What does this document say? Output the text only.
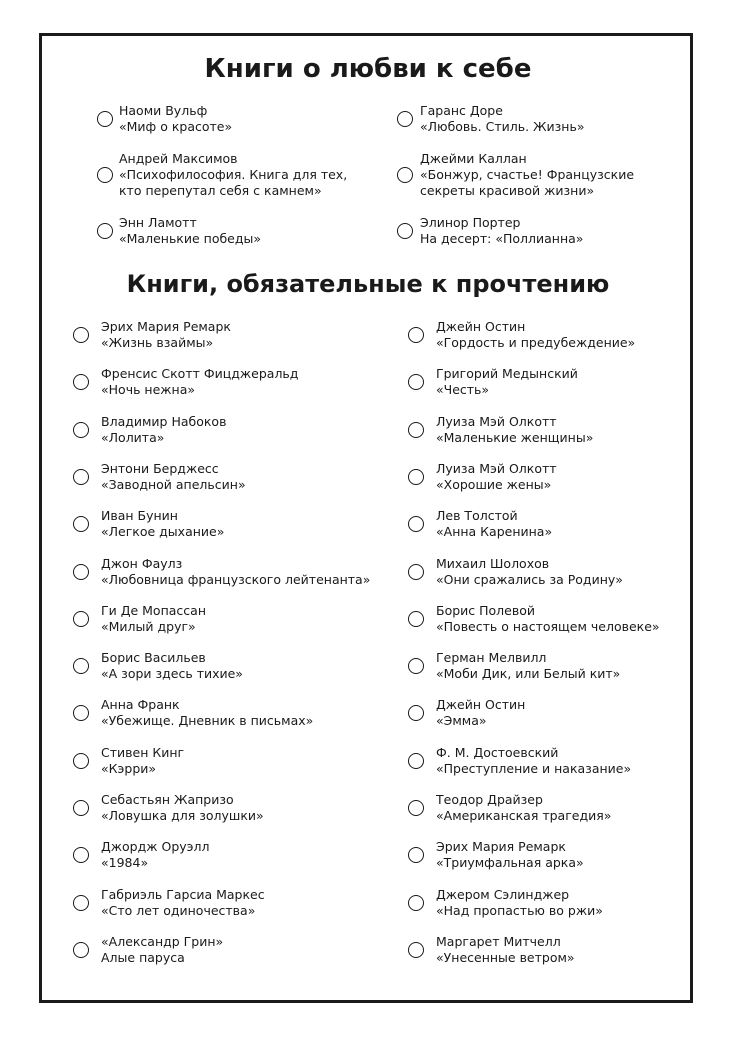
Книги о любви к себе
Книги, обязательные к прочтению
Наоми Вульф
«Миф о красоте»
Гаранс Доре
«Любовь. Стиль. Жизнь»
Андрей Максимов
«Психофилософия. Книга для тех,
кто перепутал себя с камнем»
Джейми Каллан
«Бонжур, счастье! Французские
секреты красивой жизни»
Энн Ламотт
«Маленькие победы»
Элинор Портер
На десерт: «Поллианна»
Эрих Мария Ремарк
«Жизнь взаймы»
Френсис Скотт Фицджеральд
«Ночь нежна»
Владимир Набоков
«Лолита»
Энтони Берджесс
«Заводной апельсин»
Иван Бунин
«Легкое дыхание»
Джон Фаулз
«Любовница французского лейтенанта»
Ги Де Мопассан
«Милый друг»
Борис Васильев
«А зори здесь тихие»
Анна Франк
«Убежище. Дневник в письмах»
Стивен Кинг
«Кэрри»
Себастьян Жапризо
«Ловушка для золушки»
Джордж Оруэлл
«1984»
Габриэль Гарсиа Маркес
«Сто лет одиночества»
«Александр Грин»
Алые паруса
Джейн Остин
«Гордость и предубеждение»
Григорий Медынский
«Честь»
Луиза Мэй Олкотт
«Маленькие женщины»
Луиза Мэй Олкотт
«Хорошие жены»
Лев Толстой
«Анна Каренина»
Михаил Шолохов
«Они сражались за Родину»
Борис Полевой
«Повесть о настоящем человеке»
Герман Мелвилл
«Моби Дик, или Белый кит»
Джейн Остин
«Эмма»
Ф. М. Достоевский
«Преступление и наказание»
Теодор Драйзер
«Американская трагедия»
Эрих Мария Ремарк
«Триумфальная арка»
Джером Сэлинджер
«Над пропастью во ржи»
Маргарет Митчелл
«Унесенные ветром»
